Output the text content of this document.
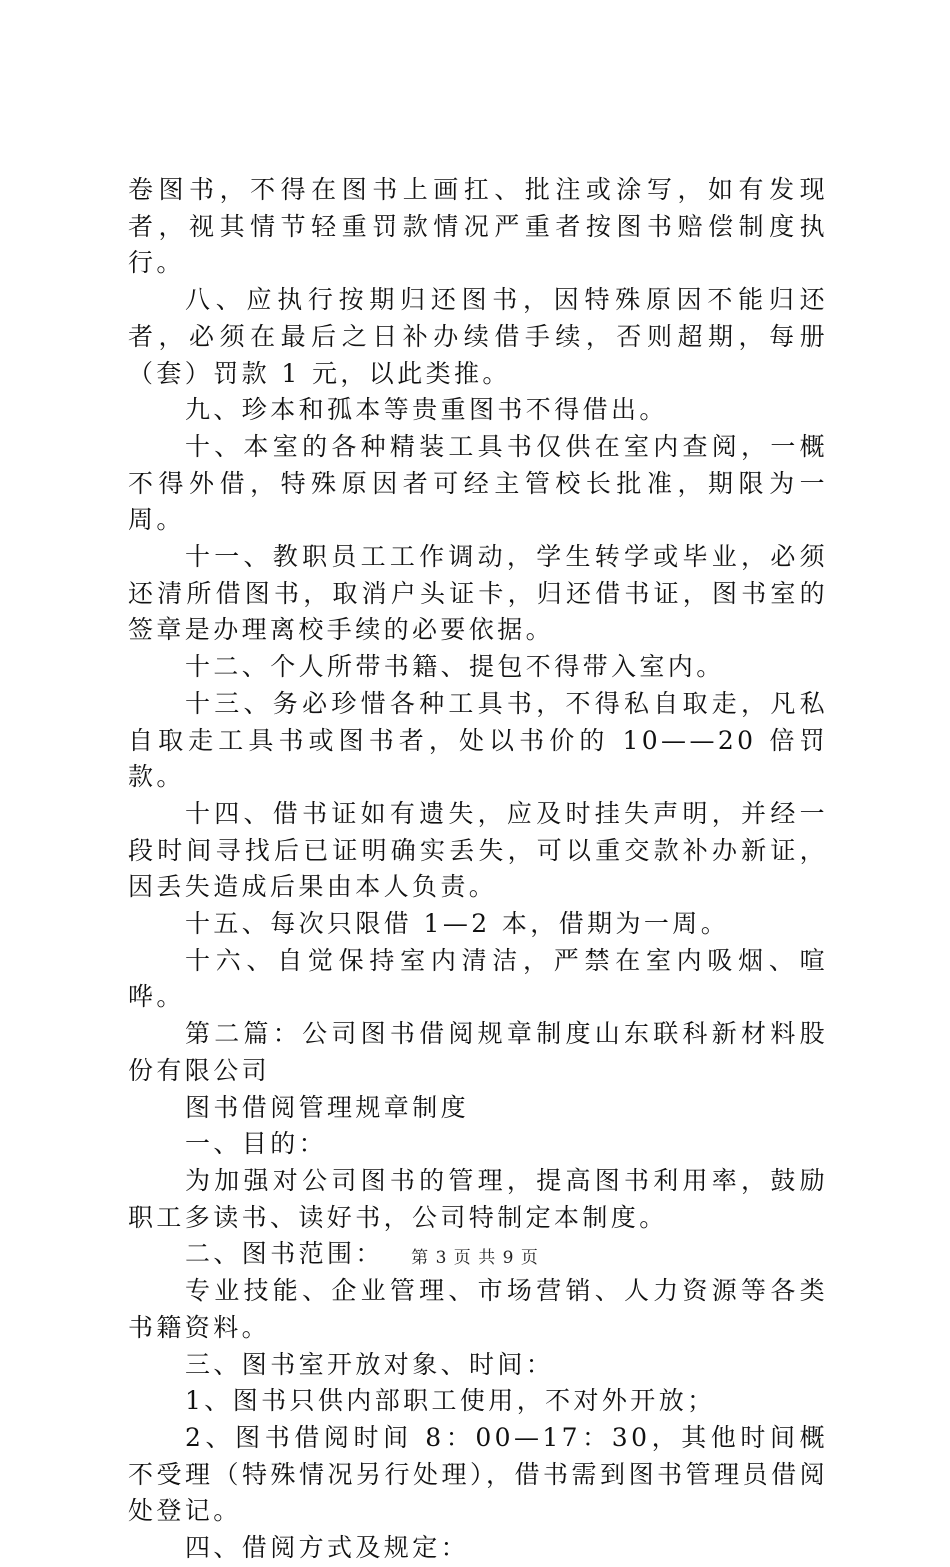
卷图书，不得在图书上画扛、批注或涂写，如有发现者，视其情节轻重罚款情况严重者按图书赔偿制度执行。

八、应执行按期归还图书，因特殊原因不能归还者，必须在最后之日补办续借手续，否则超期，每册（套）罚款 1 元，以此类推。

九、珍本和孤本等贵重图书不得借出。

十、本室的各种精装工具书仅供在室内查阅，一概不得外借，特殊原因者可经主管校长批准，期限为一周。

十一、教职员工工作调动，学生转学或毕业，必须还清所借图书，取消户头证卡，归还借书证，图书室的签章是办理离校手续的必要依据。

十二、个人所带书籍、提包不得带入室内。

十三、务必珍惜各种工具书，不得私自取走，凡私自取走工具书或图书者，处以书价的 10——20 倍罚款。

十四、借书证如有遗失，应及时挂失声明，并经一段时间寻找后已证明确实丢失，可以重交款补办新证，因丢失造成后果由本人负责。

十五、每次只限借 1—2 本，借期为一周。

十六、自觉保持室内清洁，严禁在室内吸烟、喧哗。

第二篇：公司图书借阅规章制度山东联科新材料股份有限公司

图书借阅管理规章制度

一、目的：

为加强对公司图书的管理，提高图书利用率，鼓励职工多读书、读好书，公司特制定本制度。

二、图书范围：

专业技能、企业管理、市场营销、人力资源等各类书籍资料。

三、图书室开放对象、时间：

1、图书只供内部职工使用，不对外开放；

2、图书借阅时间 8：00—17：30，其他时间概不受理（特殊情况另行处理），借书需到图书管理员借阅处登记。

四、借阅方式及规定：

第 3 页 共 9 页
